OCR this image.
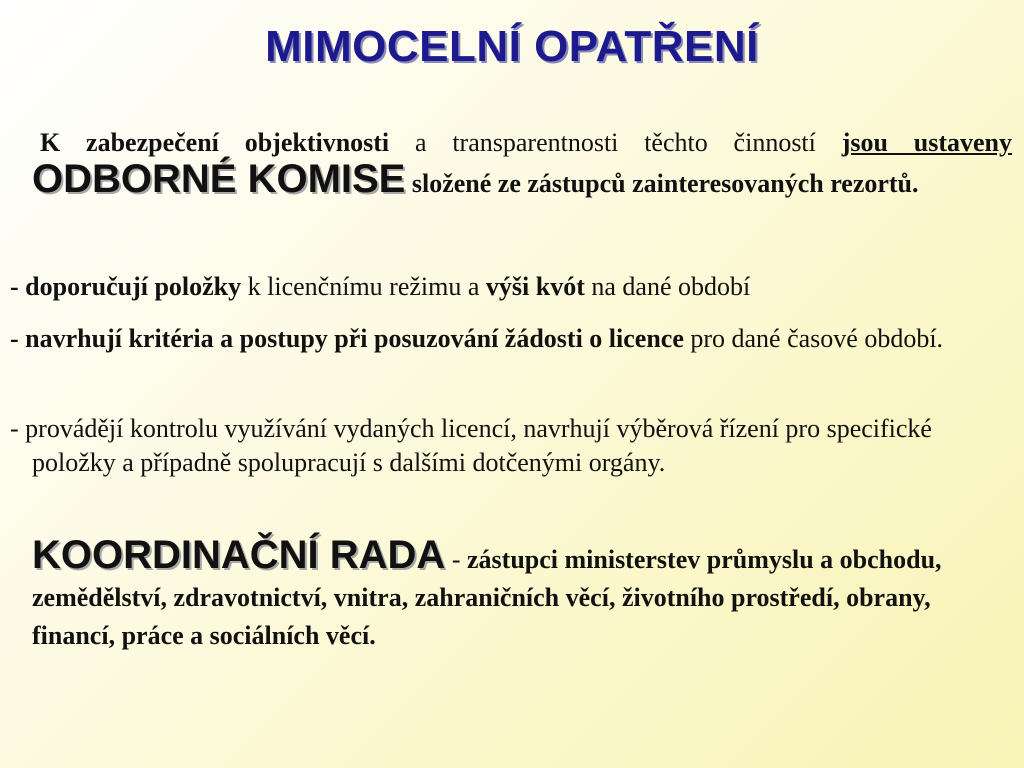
MIMOCELNÍ OPATŘENÍ
K zabezpečení objektivnosti a transparentnosti těchto činností jsou ustaveny ODBORNÉ KOMISE složené ze zástupců zainteresovaných rezortů.
- doporučují položky k licenčnímu režimu a výši kvót na dané období
- navrhují kritéria a postupy při posuzování žádosti o licence pro dané časové období.
- provádějí kontrolu využívání vydaných licencí, navrhují výběrová řízení pro specifické položky a případně spolupracují s dalšími dotčenými orgány.
KOORDINAČNÍ RADA - zástupci ministerstev průmyslu a obchodu, zemědělství, zdravotnictví, vnitra, zahraničních věcí, životního prostředí, obrany, financí, práce a sociálních věcí.
